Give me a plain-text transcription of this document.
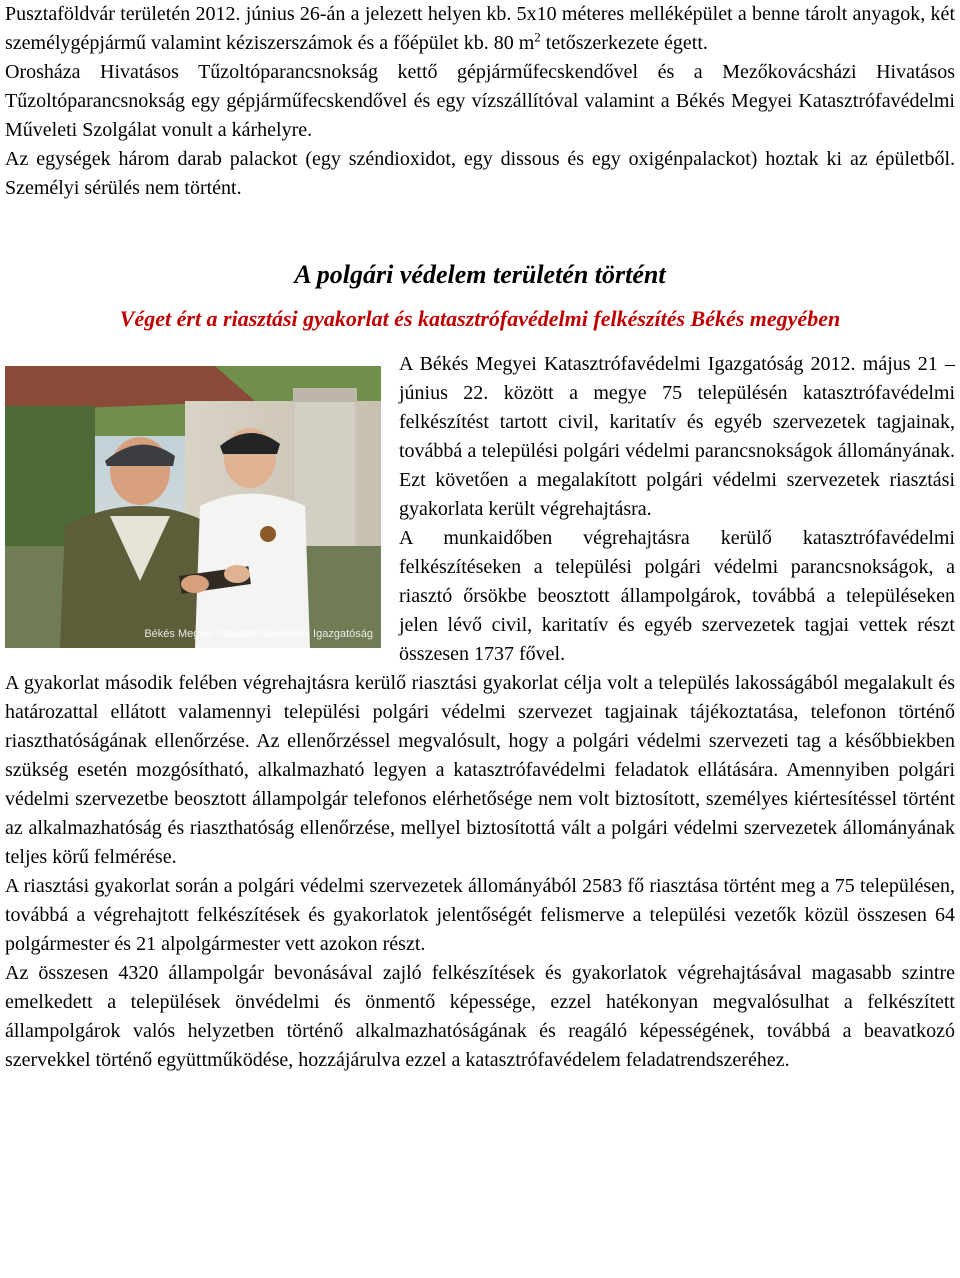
Pusztaföldvár területén 2012. június 26-án a jelezett helyen kb. 5x10 méteres melléképület a benne tárolt anyagok, két személygépjármű valamint kéziszerszámok és a főépület kb. 80 $m^2$ tetőszerkezete égett.

Orosháza Hivatásos Tűzoltóparancsnokság kettő gépjárműfecskendővel és a Mezőkovácsházi Hivatásos Tűzoltóparancsnokság egy gépjárműfecskendővel és egy vízszállítóval valamint a Békés Megyei Katasztrófavédelmi Műveleti Szolgálat vonult a kárhelyre.

Az egységek három darab palackot (egy széndioxidot, egy dissous és egy oxigénpalackot) hoztak ki az épületből. Személyi sérülés nem történt.

A polgári védelem területén történt
Véget ért a riasztási gyakorlat és katasztrófavédelmi felkészítés Békés megyében
Békés Megyei Katasztrófavédelmi Igazgatóság

A Békés Megyei Katasztrófavédelmi Igazgatóság 2012. május 21 – június 22. között a megye 75 településén katasztrófavédelmi felkészítést tartott civil, karitatív és egyéb szervezetek tagjainak, továbbá a települési polgári védelmi parancsnokságok állományának. Ezt követően a megalakított polgári védelmi szervezetek riasztási gyakorlata került végrehajtásra.

A munkaidőben végrehajtásra kerülő katasztrófavédelmi felkészítéseken a települési polgári védelmi parancsnokságok, a riasztó őrsökbe beosztott állampolgárok, továbbá a településeken jelen lévő civil, karitatív és egyéb szervezetek tagjai vettek részt összesen 1737 fővel.

A gyakorlat második felében végrehajtásra kerülő riasztási gyakorlat célja volt a település lakosságából megalakult és határozattal ellátott valamennyi települési polgári védelmi szervezet tagjainak tájékoztatása, telefonon történő riaszthatóságának ellenőrzése. Az ellenőrzéssel megvalósult, hogy a polgári védelmi szervezeti tag a későbbiekben szükség esetén mozgósítható, alkalmazható legyen a katasztrófavédelmi feladatok ellátására. Amennyiben polgári védelmi szervezetbe beosztott állampolgár telefonos elérhetősége nem volt biztosított, személyes kiértesítéssel történt az alkalmazhatóság és riaszthatóság ellenőrzése, mellyel biztosítottá vált a polgári védelmi szervezetek állományának teljes körű felmérése.

A riasztási gyakorlat során a polgári védelmi szervezetek állományából 2583 fő riasztása történt meg a 75 településen, továbbá a végrehajtott felkészítések és gyakorlatok jelentőségét felismerve a települési vezetők közül összesen 64 polgármester és 21 alpolgármester vett azokon részt.

Az összesen 4320 állampolgár bevonásával zajló felkészítések és gyakorlatok végrehajtásával magasabb szintre emelkedett a települések önvédelmi és önmentő képessége, ezzel hatékonyan megvalósulhat a felkészített állampolgárok valós helyzetben történő alkalmazhatóságának és reagáló képességének, továbbá a beavatkozó szervekkel történő együttműködése, hozzájárulva ezzel a katasztrófavédelem feladatrendszeréhez.
